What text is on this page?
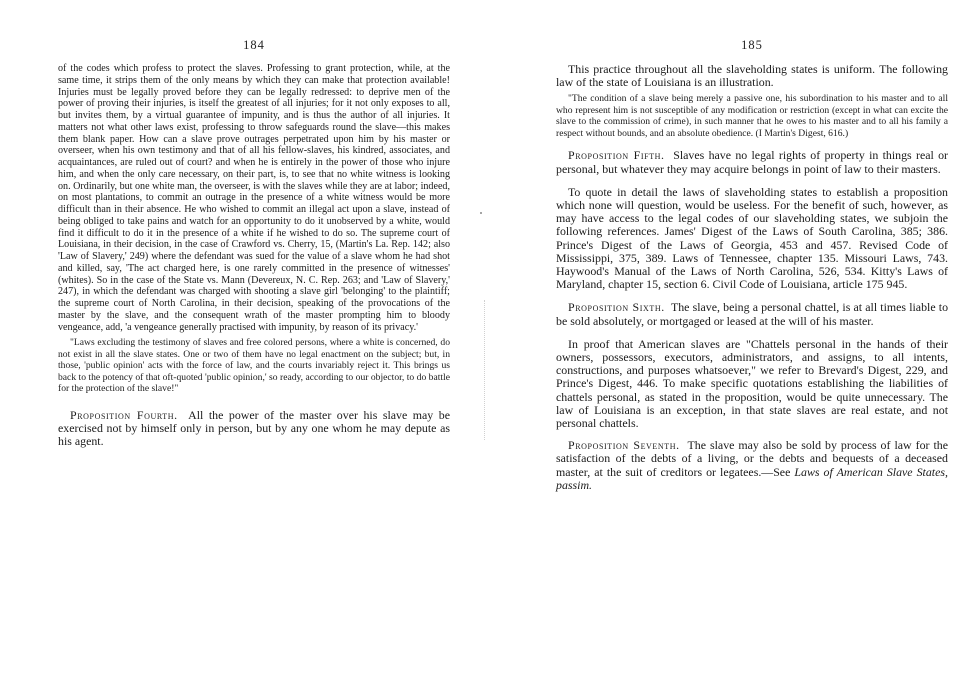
184

of the codes which profess to protect the slaves. Professing to grant protection, while, at the same time, it strips them of the only means by which they can make that protection available! Injuries must be legally proved before they can be legally redressed: to deprive men of the power of proving their injuries, is itself the greatest of all injuries; for it not only exposes to all, but invites them, by a virtual guarantee of impunity, and is thus the author of all injuries. It matters not what other laws exist, professing to throw safeguards round the slave—this makes them blank paper. How can a slave prove outrages perpetrated upon him by his master or overseer, when his own testimony and that of all his fellow-slaves, his kindred, associates, and acquaintances, are ruled out of court? and when he is entirely in the power of those who injure him, and when the only care necessary, on their part, is, to see that no white witness is looking on. Ordinarily, but one white man, the overseer, is with the slaves while they are at labor; indeed, on most plantations, to commit an outrage in the presence of a white witness would be more difficult than in their absence. He who wished to commit an illegal act upon a slave, instead of being obliged to take pains and watch for an opportunity to do it unobserved by a white, would find it difficult to do it in the presence of a white if he wished to do so. The supreme court of Louisiana, in their decision, in the case of Crawford vs. Cherry, 15, (Martin's La. Rep. 142; also 'Law of Slavery,' 249) where the defendant was sued for the value of a slave whom he had shot and killed, say, 'The act charged here, is one rarely committed in the presence of witnesses' (whites). So in the case of the State vs. Mann (Devereux, N. C. Rep. 263; and 'Law of Slavery,' 247), in which the defendant was charged with shooting a slave girl 'belonging' to the plaintiff; the supreme court of North Carolina, in their decision, speaking of the provocations of the master by the slave, and the consequent wrath of the master prompting him to bloody vengeance, add, 'a vengeance generally practised with impunity, by reason of its privacy.'

"Laws excluding the testimony of slaves and free colored persons, where a white is concerned, do not exist in all the slave states. One or two of them have no legal enactment on the subject; but, in those, 'public opinion' acts with the force of law, and the courts invariably reject it. This brings us back to the potency of that oft-quoted 'public opinion,' so ready, according to our objector, to do battle for the protection of the slave!"

Proposition Fourth. All the power of the master over his slave may be exercised not by himself only in person, but by any one whom he may depute as his agent.

185

This practice throughout all the slaveholding states is uniform. The following law of the state of Louisiana is an illustration.

"The condition of a slave being merely a passive one, his subordination to his master and to all who represent him is not susceptible of any modification or restriction (except in what can excite the slave to the commission of crime), in such manner that he owes to his master and to all his family a respect without bounds, and an absolute obedience. (I Martin's Digest, 616.)

Proposition Fifth. Slaves have no legal rights of property in things real or personal, but whatever they may acquire belongs in point of law to their masters.

To quote in detail the laws of slaveholding states to establish a proposition which none will question, would be useless. For the benefit of such, however, as may have access to the legal codes of our slaveholding states, we subjoin the following references. James' Digest of the Laws of South Carolina, 385; 386. Prince's Digest of the Laws of Georgia, 453 and 457. Revised Code of Mississippi, 375, 389. Laws of Tennessee, chapter 135. Missouri Laws, 743. Haywood's Manual of the Laws of North Carolina, 526, 534. Kitty's Laws of Maryland, chapter 15, section 6. Civil Code of Louisiana, article 175 945.

Proposition Sixth. The slave, being a personal chattel, is at all times liable to be sold absolutely, or mortgaged or leased at the will of his master.

In proof that American slaves are "Chattels personal in the hands of their owners, possessors, executors, administrators, and assigns, to all intents, constructions, and purposes whatsoever," we refer to Brevard's Digest, 229, and Prince's Digest, 446. To make specific quotations establishing the liabilities of chattels personal, as stated in the proposition, would be quite unnecessary. The law of Louisiana is an exception, in that state slaves are real estate, and not personal chattels.

Proposition Seventh. The slave may also be sold by process of law for the satisfaction of the debts of a living, or the debts and bequests of a deceased master, at the suit of creditors or legatees.—See Laws of American Slave States, passim.
